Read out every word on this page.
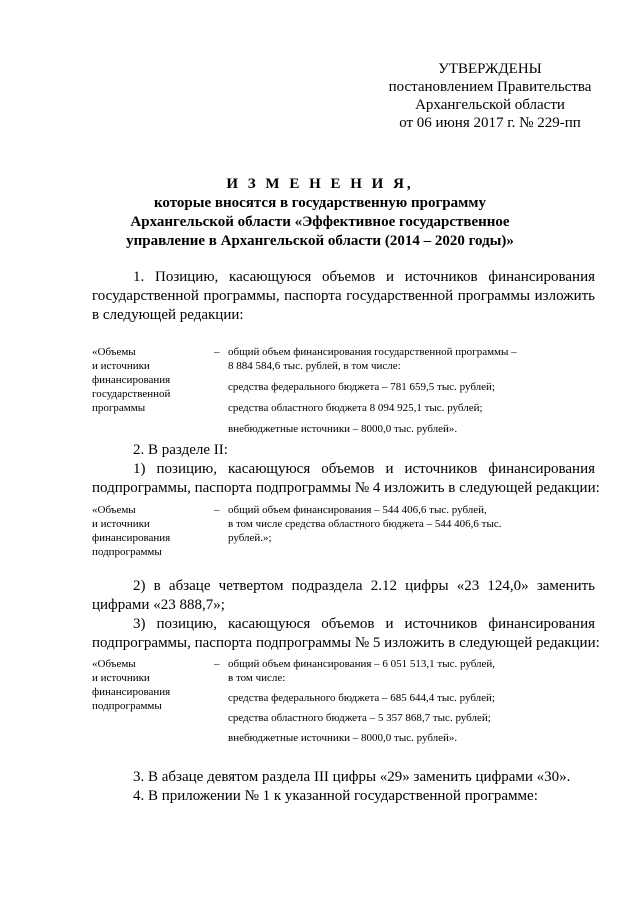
УТВЕРЖДЕНЫ
постановлением Правительства
Архангельской области
от 06 июня 2017 г. № 229-пп
И З М Е Н Е Н И Я,
которые вносятся в государственную программу
Архангельской области «Эффективное государственное
управление в Архангельской области (2014 – 2020 годы)»
1. Позицию, касающуюся объемов и источников финансирования
государственной программы, паспорта государственной программы изложить
в следующей редакции:
«Объемы
и источники
финансирования
государственной
программы
– общий объем финансирования государственной программы –
8 884 584,6 тыс. рублей, в том числе:
средства федерального бюджета – 781 659,5 тыс. рублей;
средства областного бюджета 8 094 925,1 тыс. рублей;
внебюджетные источники – 8000,0 тыс. рублей».
2. В разделе II:
1) позицию, касающуюся объемов и источников финансирования
подпрограммы, паспорта подпрограммы № 4 изложить в следующей редакции:
«Объемы
и источники
финансирования
подпрограммы
– общий объем финансирования – 544 406,6 тыс. рублей,
в том числе средства областного бюджета – 544 406,6 тыс.
рублей.»;
2) в абзаце четвертом подраздела 2.12 цифры «23 124,0» заменить
цифрами «23 888,7»;
3) позицию, касающуюся объемов и источников финансирования
подпрограммы, паспорта подпрограммы № 5 изложить в следующей редакции:
«Объемы
и источники
финансирования
подпрограммы
– общий объем финансирования – 6 051 513,1 тыс. рублей,
в том числе:
средства федерального бюджета – 685 644,4 тыс. рублей;
средства областного бюджета – 5 357 868,7 тыс. рублей;
внебюджетные источники – 8000,0 тыс. рублей».
3. В абзаце девятом раздела III цифры «29» заменить цифрами «30».
4. В приложении № 1 к указанной государственной программе:
